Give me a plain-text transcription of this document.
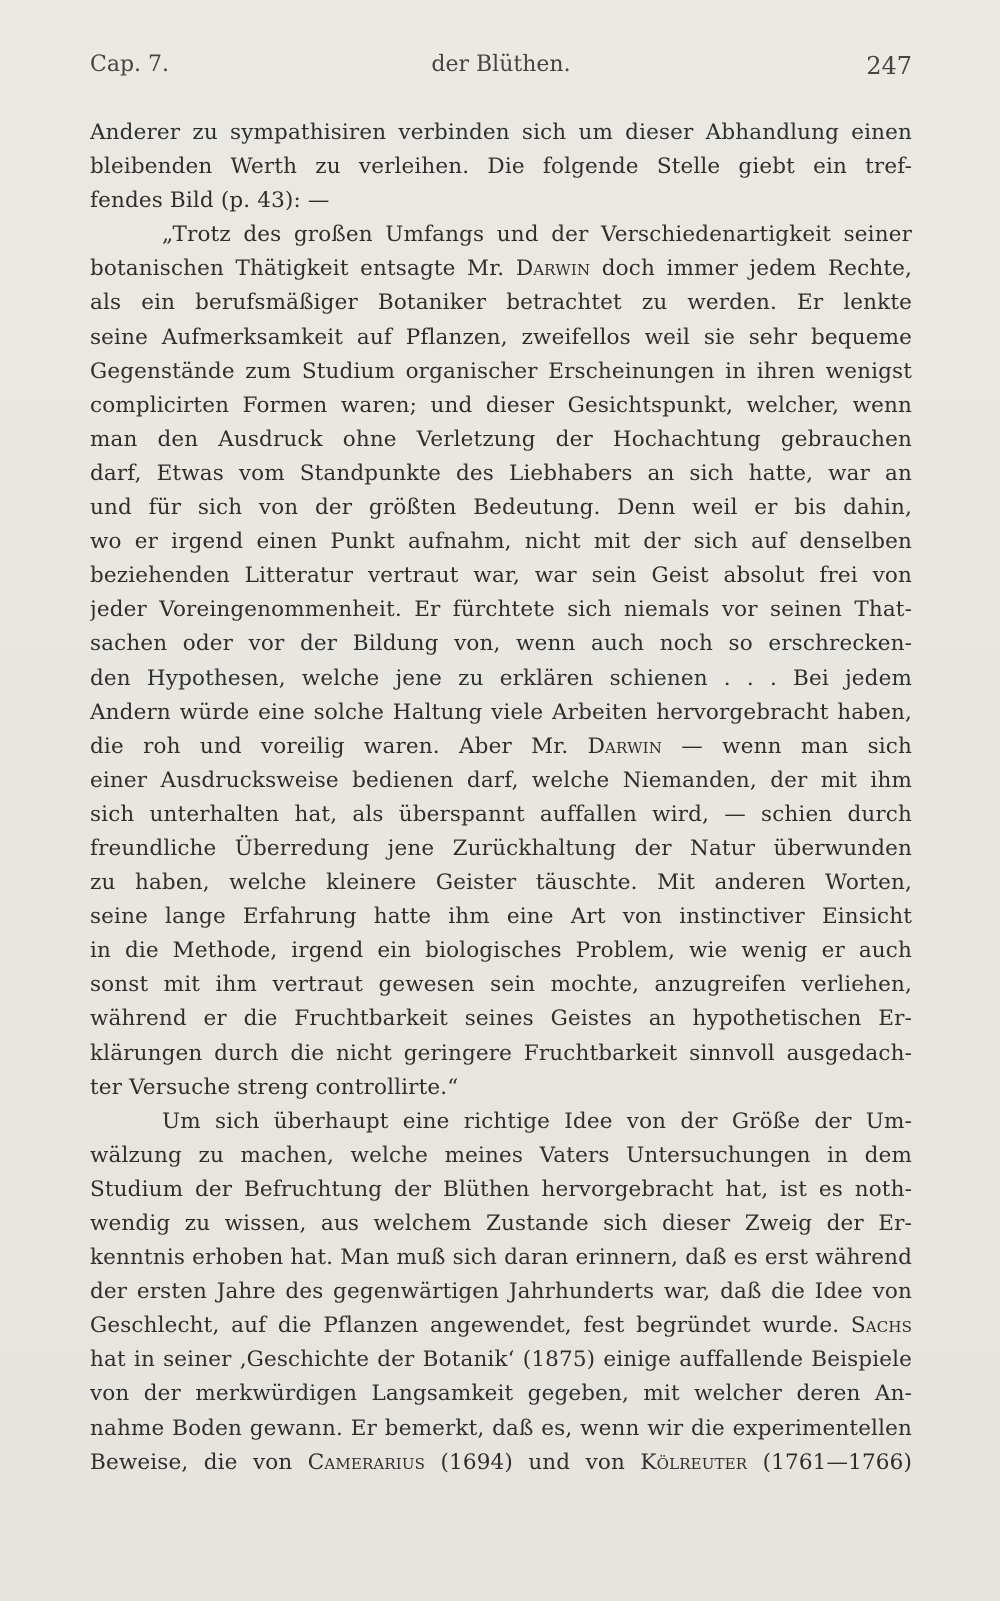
Cap. 7.	der Blüthen.	247
Anderer zu sympathisiren verbinden sich um dieser Abhandlung einen
bleibenden Werth zu verleihen. Die folgende Stelle giebt ein tref-
fendes Bild (p. 43): —
„Trotz des großen Umfangs und der Verschiedenartigkeit seiner
botanischen Thätigkeit entsagte Mr. Darwin doch immer jedem Rechte,
als ein berufsmäßiger Botaniker betrachtet zu werden. Er lenkte
seine Aufmerksamkeit auf Pflanzen, zweifellos weil sie sehr bequeme
Gegenstände zum Studium organischer Erscheinungen in ihren wenigst
complicirten Formen waren; und dieser Gesichtspunkt, welcher, wenn
man den Ausdruck ohne Verletzung der Hochachtung gebrauchen
darf, Etwas vom Standpunkte des Liebhabers an sich hatte, war an
und für sich von der größten Bedeutung. Denn weil er bis dahin,
wo er irgend einen Punkt aufnahm, nicht mit der sich auf denselben
beziehenden Litteratur vertraut war, war sein Geist absolut frei von
jeder Voreingenommenheit. Er fürchtete sich niemals vor seinen That-
sachen oder vor der Bildung von, wenn auch noch so erschrecken-
den Hypothesen, welche jene zu erklären schienen . . . Bei jedem
Andern würde eine solche Haltung viele Arbeiten hervorgebracht haben,
die roh und voreilig waren. Aber Mr. Darwin — wenn man sich
einer Ausdrucksweise bedienen darf, welche Niemanden, der mit ihm
sich unterhalten hat, als überspannt auffallen wird, — schien durch
freundliche Überredung jene Zurückhaltung der Natur überwunden
zu haben, welche kleinere Geister täuschte. Mit anderen Worten,
seine lange Erfahrung hatte ihm eine Art von instinctiver Einsicht
in die Methode, irgend ein biologisches Problem, wie wenig er auch
sonst mit ihm vertraut gewesen sein mochte, anzugreifen verliehen,
während er die Fruchtbarkeit seines Geistes an hypothetischen Er-
klärungen durch die nicht geringere Fruchtbarkeit sinnvoll ausgedach-
ter Versuche streng controllirte.“
Um sich überhaupt eine richtige Idee von der Größe der Um-
wälzung zu machen, welche meines Vaters Untersuchungen in dem
Studium der Befruchtung der Blüthen hervorgebracht hat, ist es noth-
wendig zu wissen, aus welchem Zustande sich dieser Zweig der Er-
kenntnis erhoben hat. Man muß sich daran erinnern, daß es erst während
der ersten Jahre des gegenwärtigen Jahrhunderts war, daß die Idee von
Geschlecht, auf die Pflanzen angewendet, fest begründet wurde. Sachs
hat in seiner ‚Geschichte der Botanik‘ (1875) einige auffallende Beispiele
von der merkwürdigen Langsamkeit gegeben, mit welcher deren An-
nahme Boden gewann. Er bemerkt, daß es, wenn wir die experimentellen
Beweise, die von Camerarius (1694) und von Kölreuter (1761—1766)
